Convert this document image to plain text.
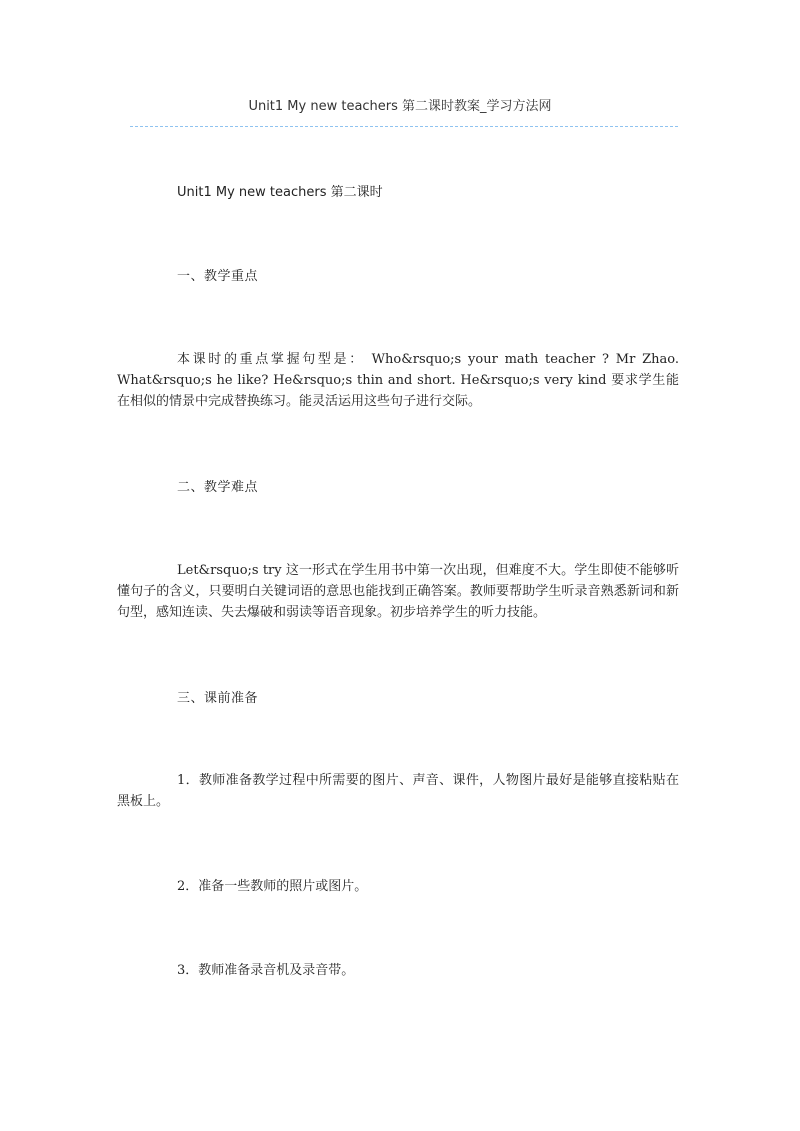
Unit1 My new teachers 第二课时教案_学习方法网
Unit1 My new teachers 第二课时
一、教学重点
本课时的重点掌握句型是： Who&rsquo;s your math teacher ? Mr Zhao. What&rsquo;s he like? He&rsquo;s thin and short. He&rsquo;s very kind 要求学生能在相似的情景中完成替换练习。能灵活运用这些句子进行交际。
二、教学难点
Let&rsquo;s try 这一形式在学生用书中第一次出现，但难度不大。学生即使不能够听懂句子的含义，只要明白关键词语的意思也能找到正确答案。教师要帮助学生听录音熟悉新词和新句型，感知连读、失去爆破和弱读等语音现象。初步培养学生的听力技能。
三、课前准备
1．教师准备教学过程中所需要的图片、声音、课件，人物图片最好是能够直接粘贴在黑板上。
2．准备一些教师的照片或图片。
3．教师准备录音机及录音带。
